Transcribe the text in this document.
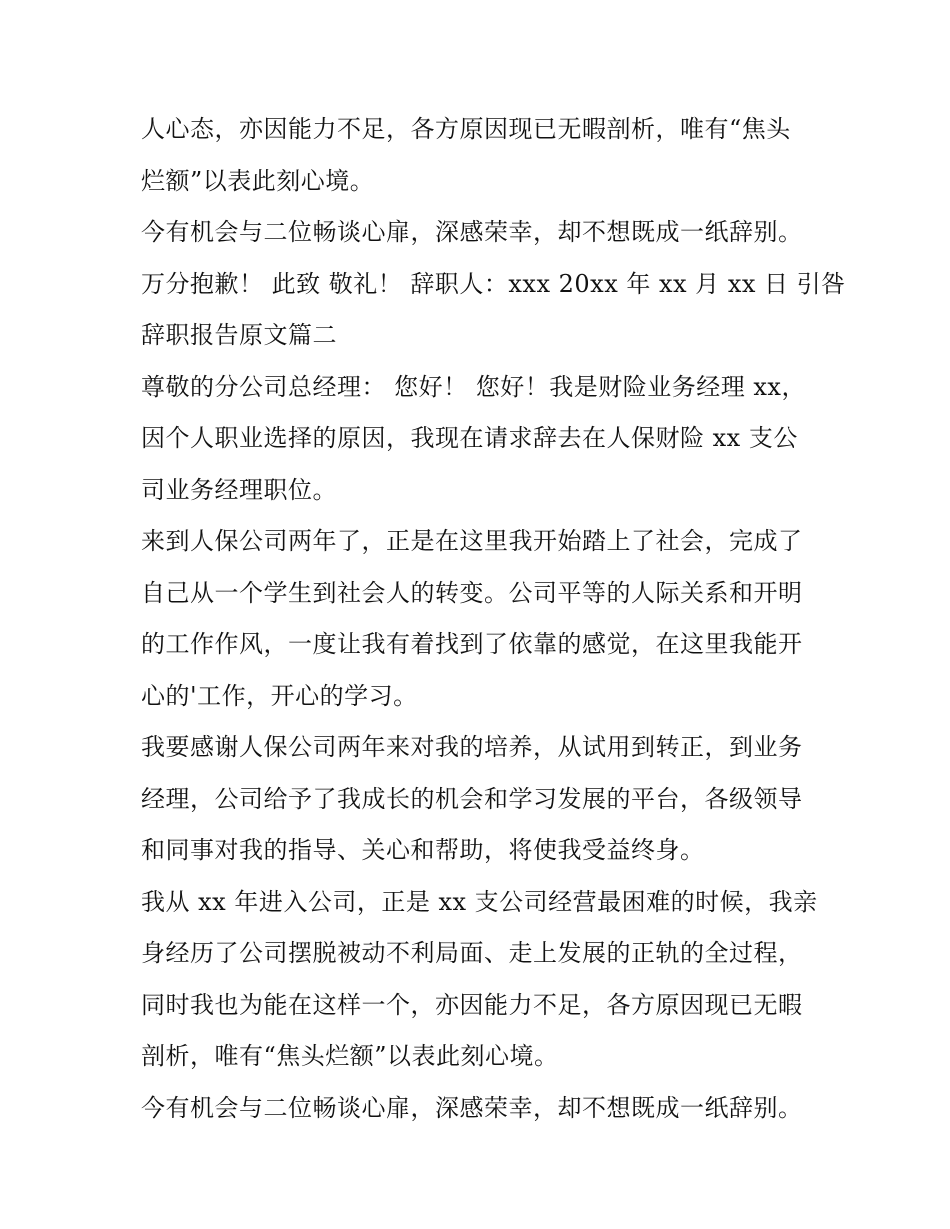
人心态，亦因能力不足，各方原因现已无暇剖析，唯有“焦头
烂额”以表此刻心境。
今有机会与二位畅谈心扉，深感荣幸，却不想既成一纸辞别。
万分抱歉！ 此致 敬礼！ 辞职人：xxx 20xx 年 xx 月 xx 日 引咎
辞职报告原文篇二
尊敬的分公司总经理： 您好！ 您好！我是财险业务经理 xx，
因个人职业选择的原因，我现在请求辞去在人保财险 xx 支公
司业务经理职位。
来到人保公司两年了，正是在这里我开始踏上了社会，完成了
自己从一个学生到社会人的转变。公司平等的人际关系和开明
的工作作风，一度让我有着找到了依靠的感觉，在这里我能开
心的'工作，开心的学习。
我要感谢人保公司两年来对我的培养，从试用到转正，到业务
经理，公司给予了我成长的机会和学习发展的平台，各级领导
和同事对我的指导、关心和帮助，将使我受益终身。
我从 xx 年进入公司，正是 xx 支公司经营最困难的时候，我亲
身经历了公司摆脱被动不利局面、走上发展的正轨的全过程，
同时我也为能在这样一个，亦因能力不足，各方原因现已无暇
剖析，唯有“焦头烂额”以表此刻心境。
今有机会与二位畅谈心扉，深感荣幸，却不想既成一纸辞别。
